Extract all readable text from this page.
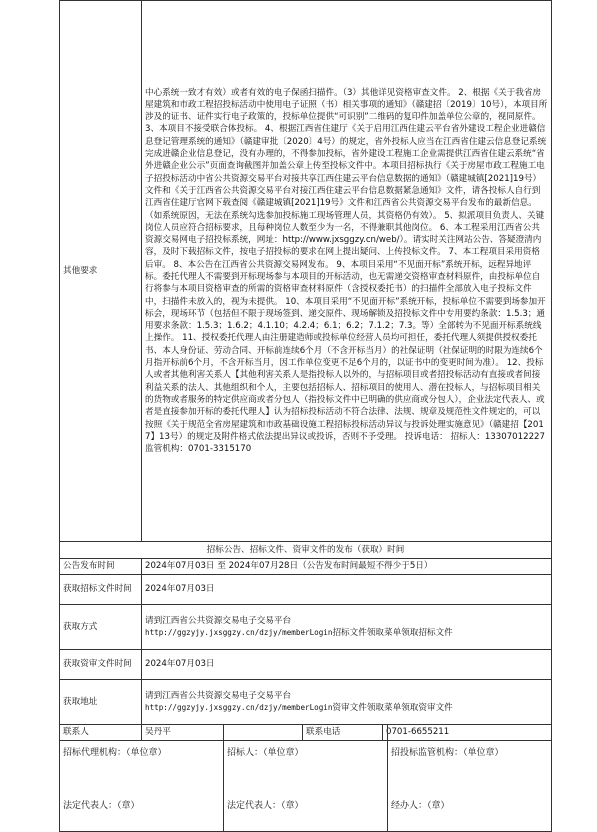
其他要求	中心系统一致才有效）或者有效的电子保函扫描件。（3）其他详见资格审查文件。 2、根据《关于我省房屋建筑和市政工程招投标活动中使用电子证照（书）相关事项的通知》（赣建招〔2019〕10号），本项目所涉及的证书、证件实行电子政策的，投标单位提供“可识别”二维码的复印件加盖单位公章的，视同原件。 3、本项目不接受联合体投标。 4、根据江西省住建厅《关于启用江西住建云平台省外建设工程企业进赣信息登记管理系统的通知》（赣建审批〔2020〕4号）的规定，省外投标人应当在江西省住建云信息登记系统完成进赣企业信息登记，没有办理的，不得参加投标，省外建设工程施工企业需提供江西省住建云系统“省外进赣企业公示”页面查询截图并加盖公章上传至投标文件中。本项目招标执行《关于房屋市政工程施工电子招投标活动中省公共资源交易平台对接共享江西住建云平台信息数据的通知》（赣建城镇[2021]19号）文件和《关于江西省公共资源交易平台对接江西住建云平台信息数据紧急通知》文件，请各投标人自行到江西省住建厅官网下载查阅《赣建城镇[2021]19号》文件和江西省公共资源交易平台发布的最新信息。（如系统原因，无法在系统勾选参加投标施工现场管理人员，其资格仍有效）。 5、拟派项目负责人、关键岗位人员应符合招标要求，且每种岗位人数至少为一名，不得兼职其他岗位。 6、本工程采用江西省公共资源交易网电子招投标系统，网址：http://www.jxsggzy.cn/web/）。请实时关注网站公告、答疑澄清内容，及时下载招标文件，按电子招投标的要求在网上提出疑问、上传投标文件。 7、本工程项目采用资格后审。 8、本公告在江西省公共资源交易网发布。 9、本项目采用“不见面开标”系统开标，远程异地评标。委托代理人不需要到开标现场参与本项目的开标活动，也无需递交资格审查材料原件，由投标单位自行将参与本项目资格审查的所需的资格审查材料原件（含授权委托书）的扫描件全部放入电子投标文件中，扫描件未放入的，视为未提供。 10、本项目采用“不见面开标”系统开标，投标单位不需要到场参加开标会，现场环节（包括但不限于现场签到、递交原件、现场解锁及招投标文件中专用要约条款：1.5.3；通用要求条款：1.5.3；1.6.2；4.1.10；4.2.4；6.1；6.2；7.1.2；7.3。等）全部转为不见面开标系统线上操作。 11、授权委托代理人由注册建造师或投标单位经营人员均可担任，委托代理人须提供授权委托书、本人身份证、劳动合同、开标前连续6个月（不含开标当月）的社保证明（社保证明的时限为连续6个月指开标前6个月，不含开标当月，因工作单位变更不足6个月的，以证书中的变更时间为准）。 12、投标人或者其他利害关系人【其他利害关系人是指投标人以外的，与招标项目或者招投标活动有直接或者间接利益关系的法人、其他组织和个人，主要包括招标人、招标项目的使用人、潜在投标人，与招标项目相关的货物或者服务的特定供应商或者分包人（指投标文件中已明确的供应商或分包人），企业法定代表人、或者是直接参加开标的委托代理人】认为招标投标活动不符合法律、法规、规章及规范性文件规定的，可以按照《关于规范全省房屋建筑和市政基础设施工程招标投标活动异议与投诉处理实施意见》（赣建招【2017】13号）的规定及附件格式依法提出异议或投诉，否则不予受理。 投诉电话： 招标人：13307012227 监管机构：0701-3315170		
招标公告、招标文件、资审文件的发布（获取）时间			
公告发布时间	2024年07月03日 至 2024年07月28日（公告发布时间最短不得少于5日）		
获取招标文件时间	2024年07月03日		
获取方式	请到江西省公共资源交易电子交易平台
http://ggzyjy.jxsggzy.cn/dzjy/memberLogin招标文件领取菜单领取招标文件		

获取资审文件时间	2024年07月03日		
获取地址	请到江西省公共资源交易电子交易平台
http://ggzyjy.jxsggzy.cn/dzjy/memberLogin资审文件领取菜单领取资审文件		

联系人	吴丹平	联系电话	0701-6655211
招标代理机构：（单位章）	招标人：（单位章）	招投标监管机构：（单位章）
法定代表人：（章）	法定代表人：（章）	经办人：（章）
